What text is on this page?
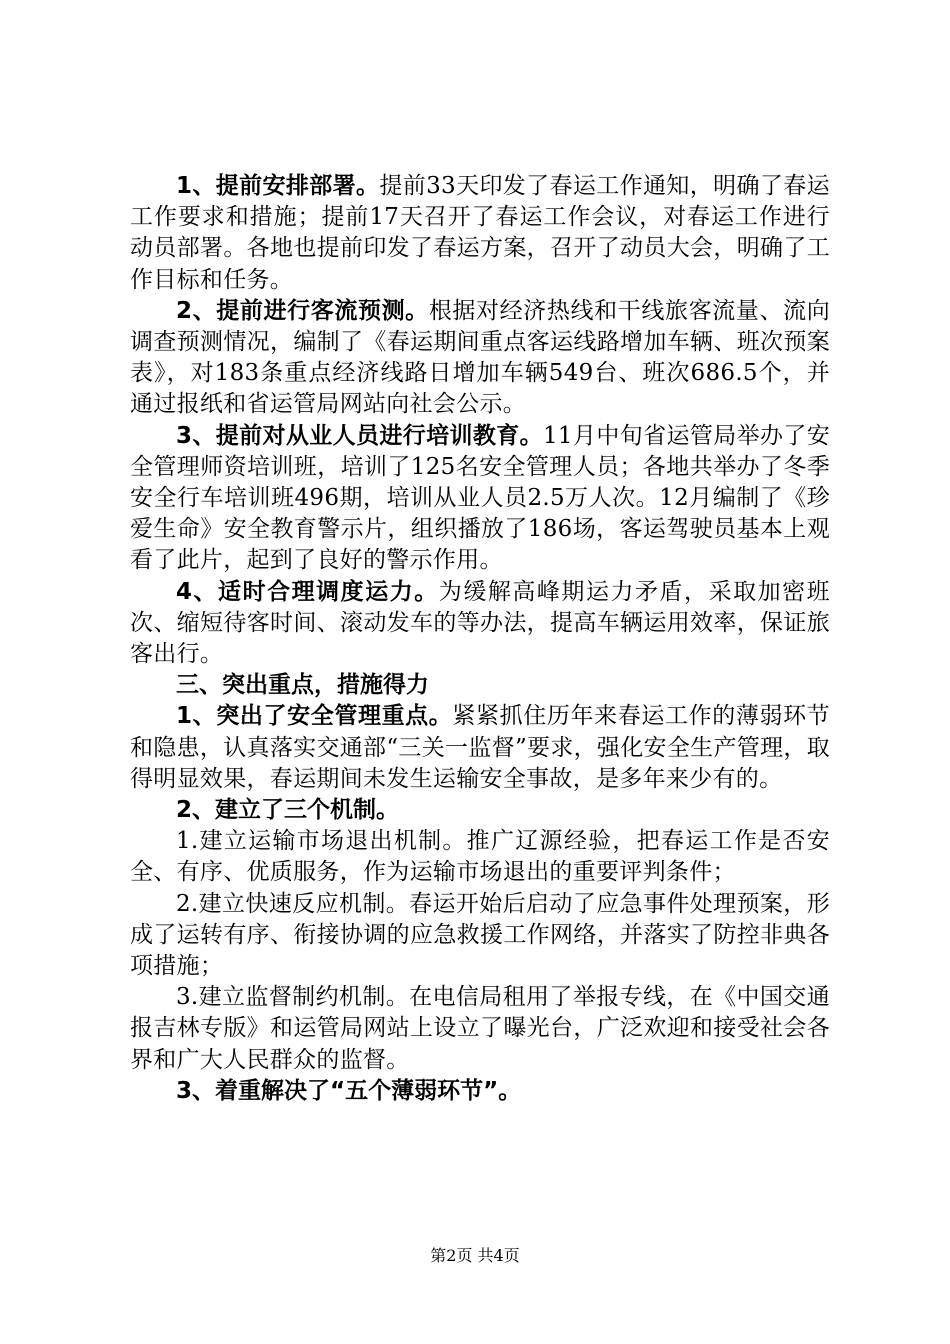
1、提前安排部署。提前33天印发了春运工作通知，明确了春运工作要求和措施；提前17天召开了春运工作会议，对春运工作进行动员部署。各地也提前印发了春运方案，召开了动员大会，明确了工作目标和任务。

2、提前进行客流预测。根据对经济热线和干线旅客流量、流向调查预测情况，编制了《春运期间重点客运线路增加车辆、班次预案表》，对183条重点经济线路日增加车辆549台、班次686.5个，并通过报纸和省运管局网站向社会公示。

3、提前对从业人员进行培训教育。11月中旬省运管局举办了安全管理师资培训班，培训了125名安全管理人员；各地共举办了冬季安全行车培训班496期，培训从业人员2.5万人次。12月编制了《珍爱生命》安全教育警示片，组织播放了186场，客运驾驶员基本上观看了此片，起到了良好的警示作用。

4、适时合理调度运力。为缓解高峰期运力矛盾，采取加密班次、缩短待客时间、滚动发车的等办法，提高车辆运用效率，保证旅客出行。

三、突出重点，措施得力

1、突出了安全管理重点。紧紧抓住历年来春运工作的薄弱环节和隐患，认真落实交通部“三关一监督”要求，强化安全生产管理，取得明显效果，春运期间未发生运输安全事故，是多年来少有的。

2、建立了三个机制。

1.建立运输市场退出机制。推广辽源经验，把春运工作是否安全、有序、优质服务，作为运输市场退出的重要评判条件；

2.建立快速反应机制。春运开始后启动了应急事件处理预案，形成了运转有序、衔接协调的应急救援工作网络，并落实了防控非典各项措施；

3.建立监督制约机制。在电信局租用了举报专线，在《中国交通报吉林专版》和运管局网站上设立了曝光台，广泛欢迎和接受社会各界和广大人民群众的监督。

3、着重解决了“五个薄弱环节”。

第2页 共4页
